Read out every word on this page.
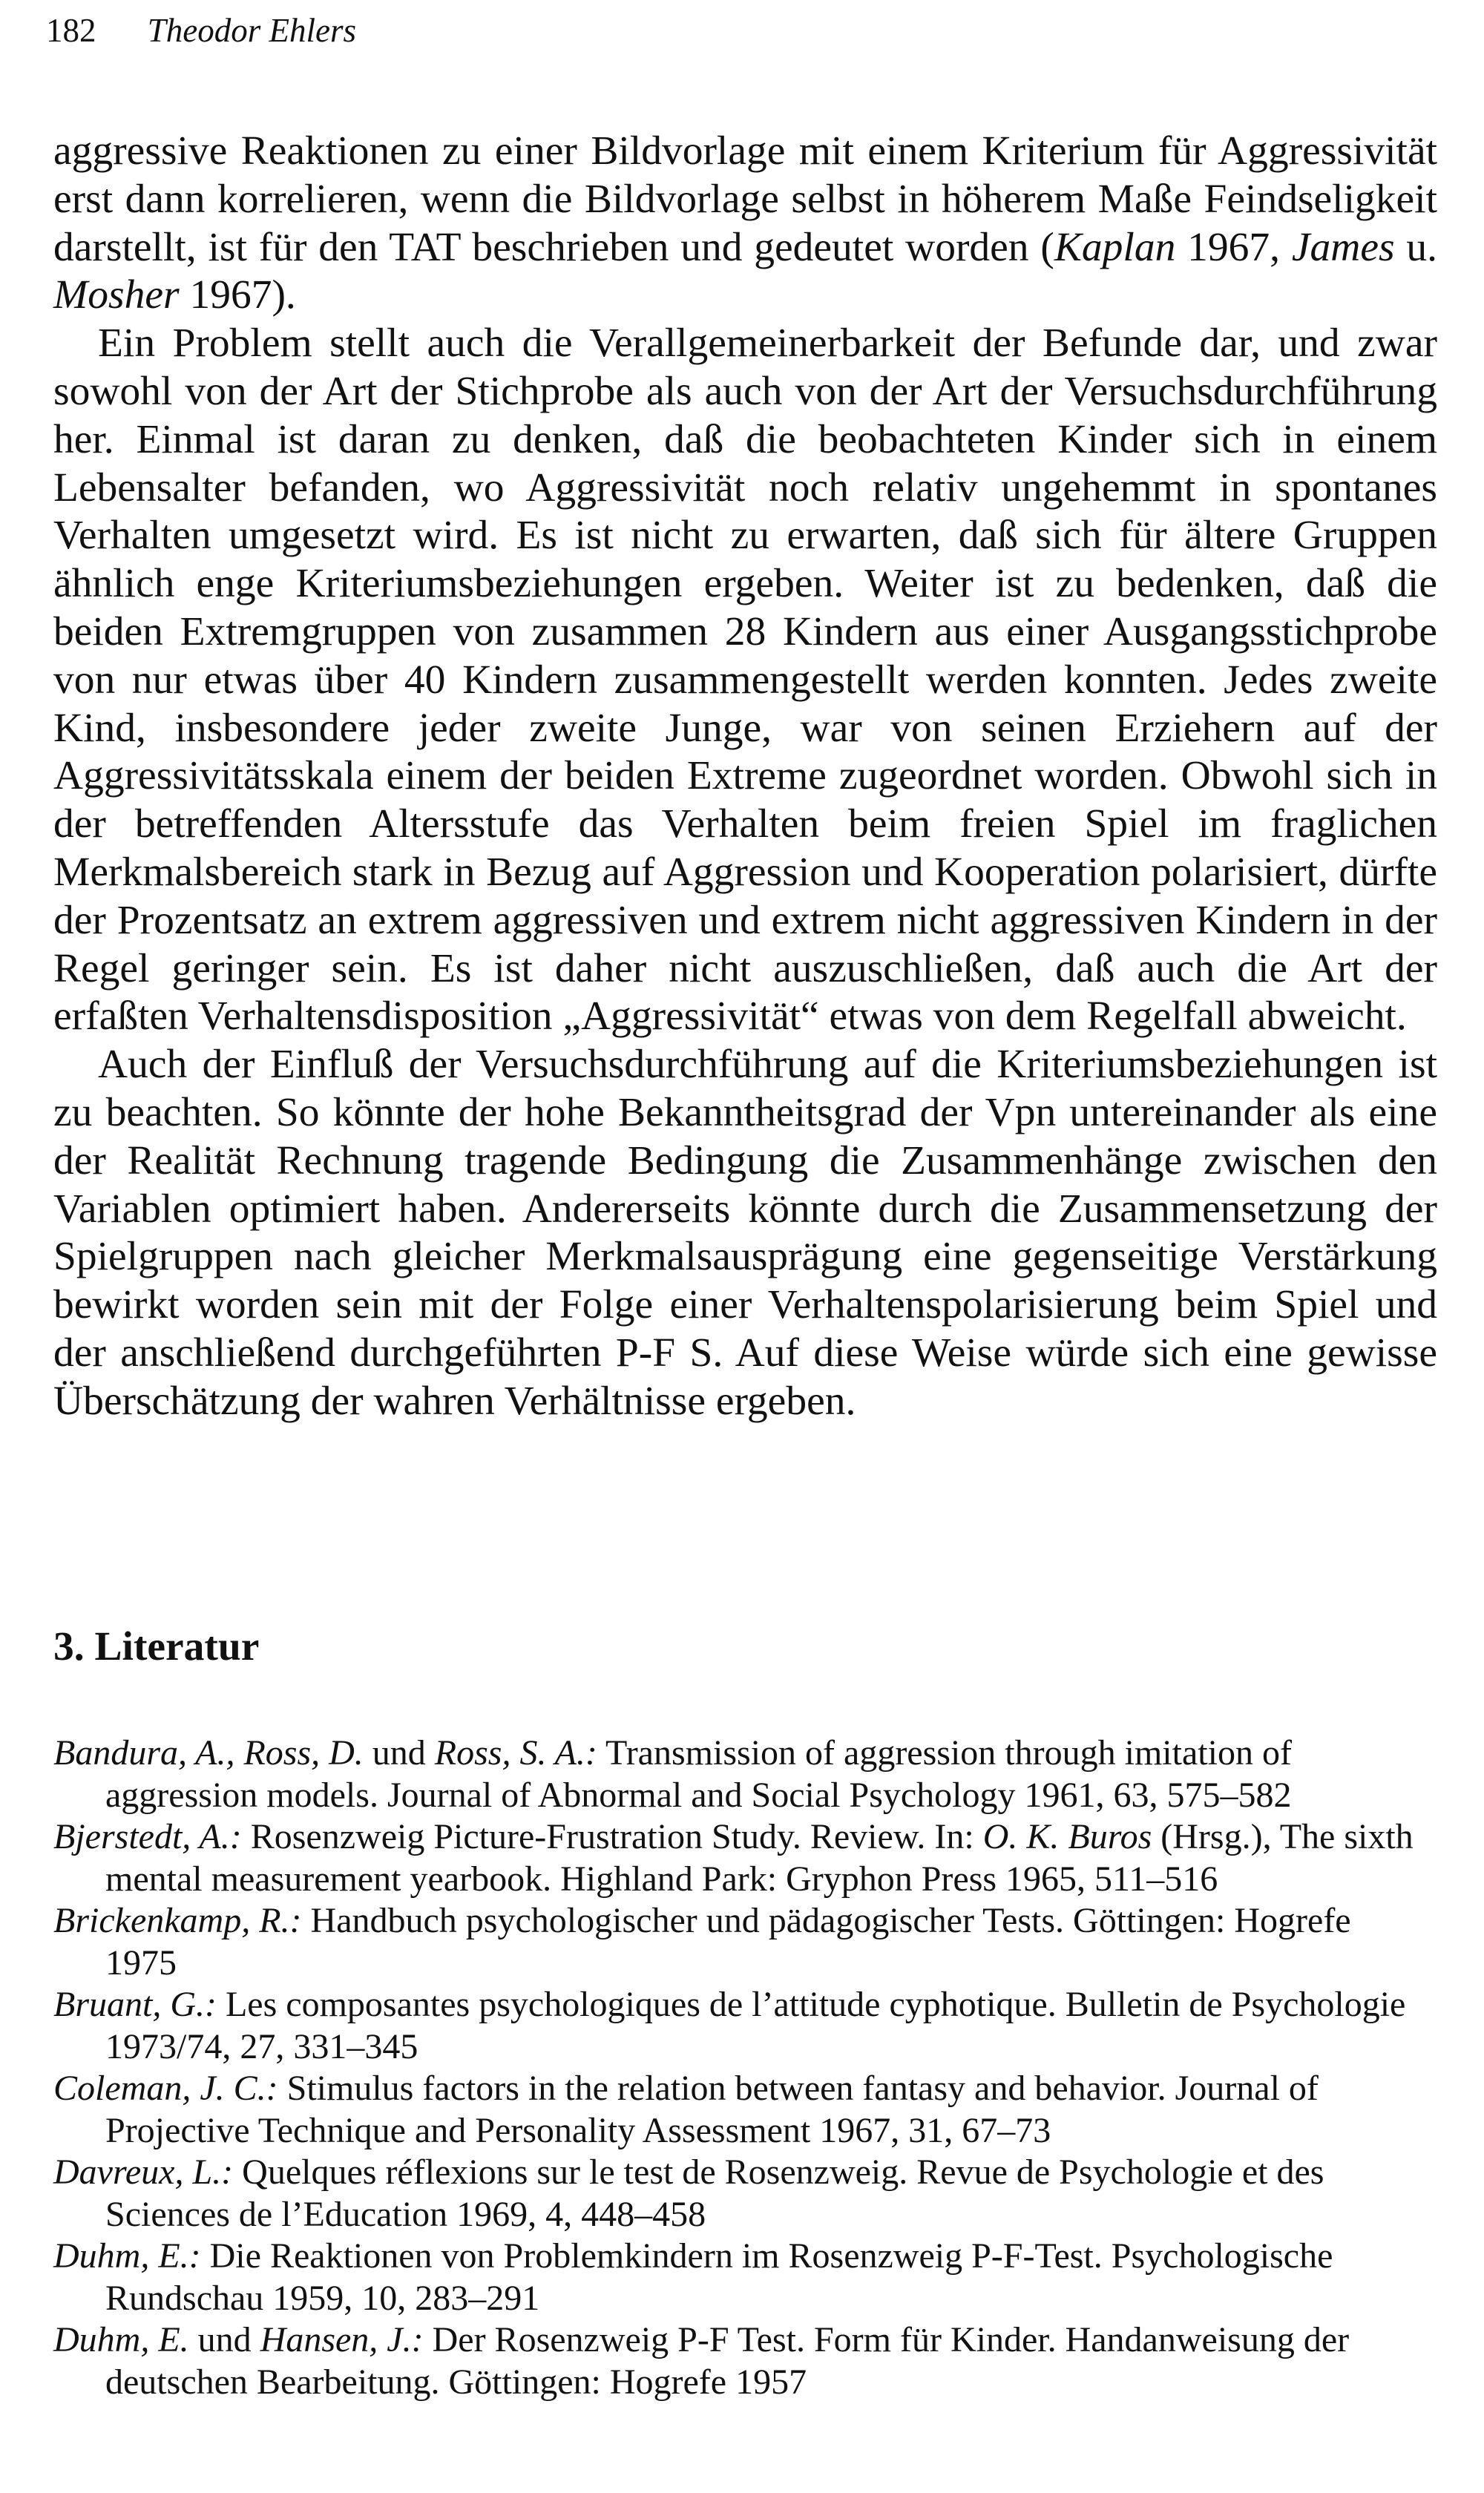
182 Theodor Ehlers

aggressive Reaktionen zu einer Bildvorlage mit einem Kriterium für Aggressivität erst dann korrelieren, wenn die Bildvorlage selbst in höherem Maße Feindseligkeit darstellt, ist für den TAT beschrieben und gedeutet worden (Kaplan 1967, James u. Mosher 1967).

Ein Problem stellt auch die Verallgemeinerbarkeit der Befunde dar, und zwar sowohl von der Art der Stichprobe als auch von der Art der Versuchsdurchführung her. Einmal ist daran zu denken, daß die beobachteten Kinder sich in einem Lebensalter befanden, wo Aggressivität noch relativ ungehemmt in spontanes Verhalten umgesetzt wird. Es ist nicht zu erwarten, daß sich für ältere Gruppen ähnlich enge Kriteriumsbeziehungen ergeben. Weiter ist zu bedenken, daß die beiden Extremgruppen von zusammen 28 Kindern aus einer Ausgangsstichprobe von nur etwas über 40 Kindern zusammengestellt werden konnten. Jedes zweite Kind, insbesondere jeder zweite Junge, war von seinen Erziehern auf der Aggressivitätsskala einem der beiden Extreme zugeordnet worden. Obwohl sich in der betreffenden Altersstufe das Verhalten beim freien Spiel im fraglichen Merkmalsbereich stark in Bezug auf Aggression und Kooperation polarisiert, dürfte der Prozentsatz an extrem aggressiven und extrem nicht aggressiven Kindern in der Regel geringer sein. Es ist daher nicht auszuschließen, daß auch die Art der erfaßten Verhaltensdisposition „Aggressivität“ etwas von dem Regelfall abweicht.

Auch der Einfluß der Versuchsdurchführung auf die Kriteriumsbeziehungen ist zu beachten. So könnte der hohe Bekanntheitsgrad der Vpn untereinander als eine der Realität Rechnung tragende Bedingung die Zusammenhänge zwischen den Variablen optimiert haben. Andererseits könnte durch die Zusammensetzung der Spielgruppen nach gleicher Merkmalsausprägung eine gegenseitige Verstärkung bewirkt worden sein mit der Folge einer Verhaltenspolarisierung beim Spiel und der anschließend durchgeführten P-F S. Auf diese Weise würde sich eine gewisse Überschätzung der wahren Verhältnisse ergeben.

3. Literatur
Bandura, A., Ross, D. und Ross, S. A.: Transmission of aggression through imitation of aggression models. Journal of Abnormal and Social Psychology 1961, 63, 575–582
Bjerstedt, A.: Rosenzweig Picture-Frustration Study. Review. In: O. K. Buros (Hrsg.), The sixth mental measurement yearbook. Highland Park: Gryphon Press 1965, 511–516
Brickenkamp, R.: Handbuch psychologischer und pädagogischer Tests. Göttingen: Hogrefe 1975
Bruant, G.: Les composantes psychologiques de l’attitude cyphotique. Bulletin de Psychologie 1973/74, 27, 331–345
Coleman, J. C.: Stimulus factors in the relation between fantasy and behavior. Journal of Projective Technique and Personality Assessment 1967, 31, 67–73
Davreux, L.: Quelques réflexions sur le test de Rosenzweig. Revue de Psychologie et des Sciences de l’Education 1969, 4, 448–458
Duhm, E.: Die Reaktionen von Problemkindern im Rosenzweig P-F-Test. Psychologische Rundschau 1959, 10, 283–291
Duhm, E. und Hansen, J.: Der Rosenzweig P-F Test. Form für Kinder. Handanweisung der deutschen Bearbeitung. Göttingen: Hogrefe 1957
